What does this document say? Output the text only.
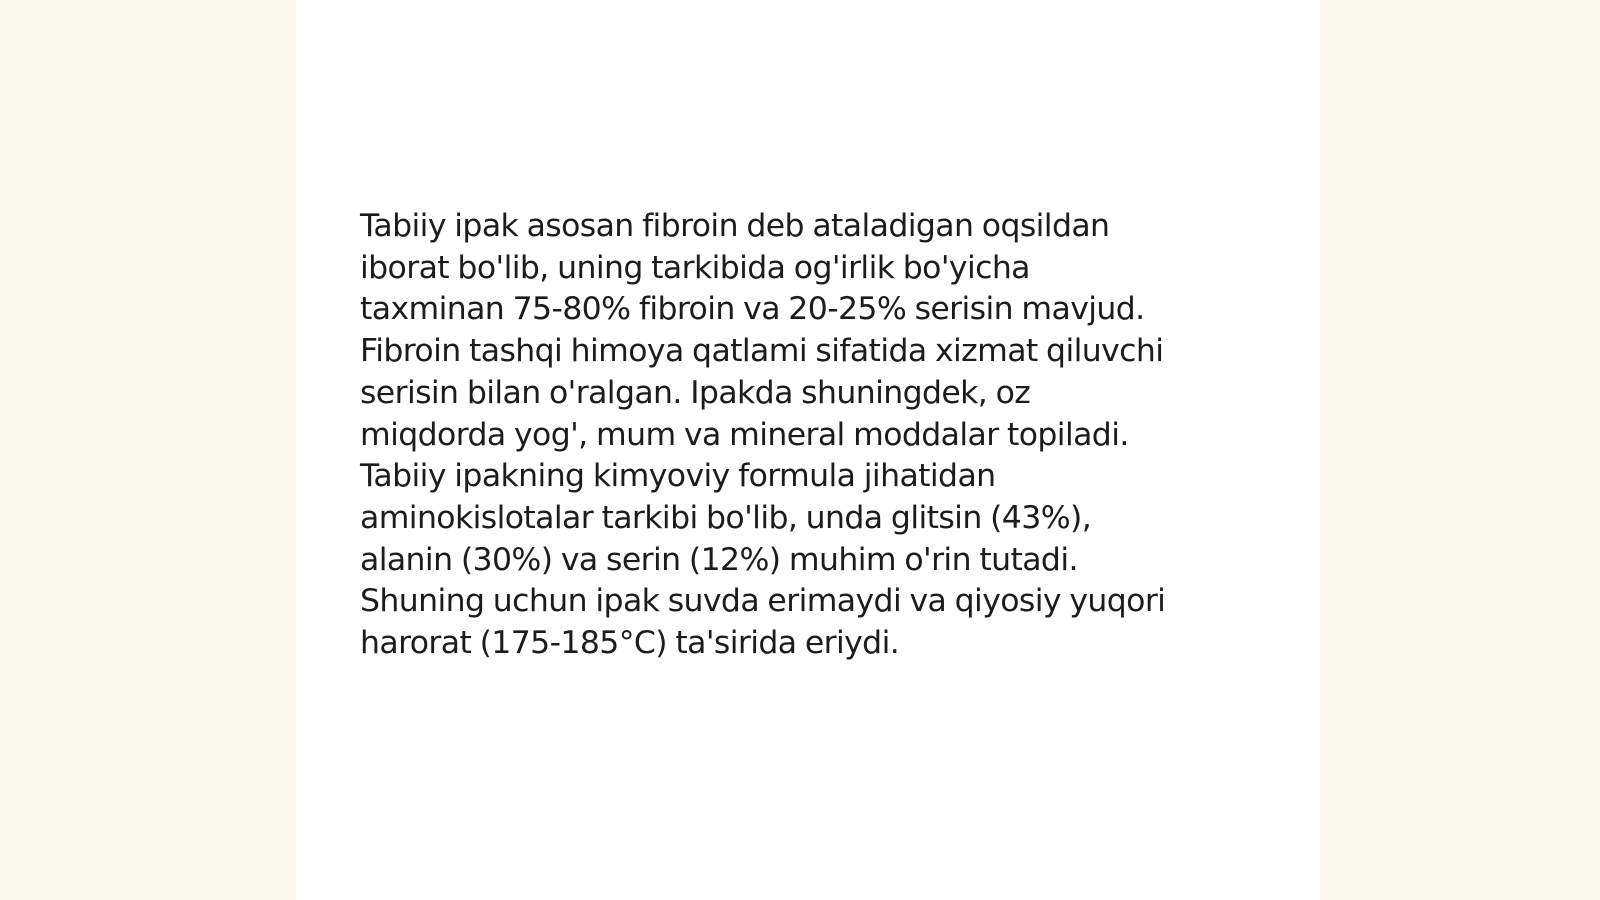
Tabiiy ipak asosan fibroin deb ataladigan oqsildan
iborat bo'lib, uning tarkibida og'irlik bo'yicha
taxminan 75-80% fibroin va 20-25% serisin mavjud.
Fibroin tashqi himoya qatlami sifatida xizmat qiluvchi
serisin bilan o'ralgan. Ipakda shuningdek, oz
miqdorda yog', mum va mineral moddalar topiladi.
Tabiiy ipakning kimyoviy formula jihatidan
aminokislotalar tarkibi bo'lib, unda glitsin (43%),
alanin (30%) va serin (12%) muhim o'rin tutadi.
Shuning uchun ipak suvda erimaydi va qiyosiy yuqori
harorat (175-185°C) ta'sirida eriydi.
